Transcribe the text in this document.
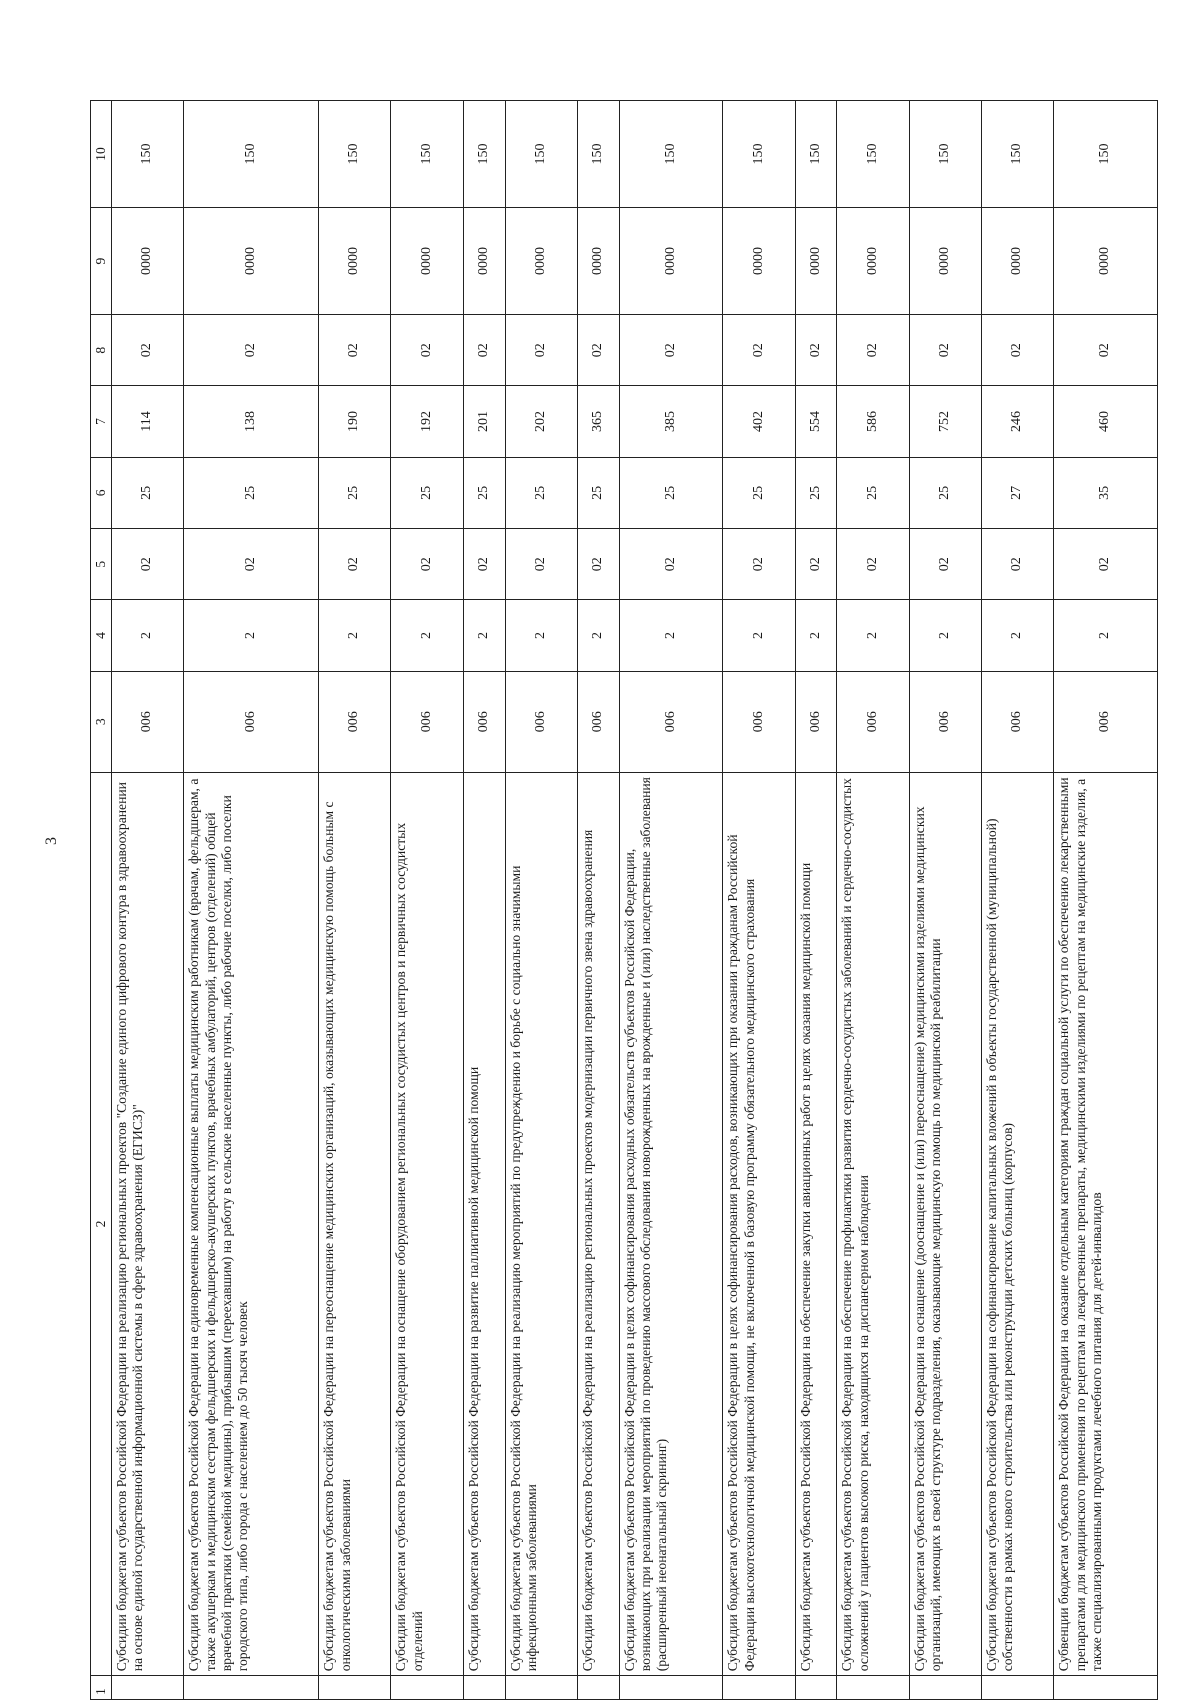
3
1	2	3	4	5	6	7	8	9	10
	Субсидии бюджетам субъектов Российской Федерации на реализацию региональных проектов "Создание единого цифрового контура в здравоохранении на основе единой государственной информационной системы в сфере здравоохранения (ЕГИСЗ)"	006	2	02	25	114	02	0000	150
	Субсидии бюджетам субъектов Российской Федерации на единовременные компенсационные выплаты медицинским работникам (врачам, фельдшерам, а также акушеркам и медицинским сестрам фельдшерских и фельдшерско-акушерских пунктов, врачебных амбулаторий, центров (отделений) общей врачебной практики (семейной медицины), прибывшим (переехавшим) на работу в сельские населенные пункты, либо рабочие поселки, либо поселки городского типа, либо города с населением до 50 тысяч человек	006	2	02	25	138	02	0000	150
	Субсидии бюджетам субъектов Российской Федерации на переоснащение медицинских организаций, оказывающих медицинскую помощь больным с онкологическими заболеваниями	006	2	02	25	190	02	0000	150
	Субсидии бюджетам субъектов Российской Федерации на оснащение оборудованием региональных сосудистых центров и первичных сосудистых отделений	006	2	02	25	192	02	0000	150
	Субсидии бюджетам субъектов Российской Федерации на развитие паллиативной медицинской помощи	006	2	02	25	201	02	0000	150
	Субсидии бюджетам субъектов Российской Федерации на реализацию мероприятий по предупреждению и борьбе с социально значимыми инфекционными заболеваниями	006	2	02	25	202	02	0000	150
	Субсидии бюджетам субъектов Российской Федерации на реализацию региональных проектов модернизации первичного звена здравоохранения	006	2	02	25	365	02	0000	150
	Субсидии бюджетам субъектов Российской Федерации в целях софинансирования расходных обязательств субъектов Российской Федерации, возникающих при реализации мероприятий по проведению массового обследования новорожденных на врожденные и (или) наследственные заболевания (расширенный неонатальный скрининг)	006	2	02	25	385	02	0000	150
	Субсидии бюджетам субъектов Российской Федерации в целях софинансирования расходов, возникающих при оказании гражданам Российской Федерации высокотехнологичной медицинской помощи, не включенной в базовую программу обязательного медицинского страхования	006	2	02	25	402	02	0000	150
	Субсидии бюджетам субъектов Российской Федерации на обеспечение закупки авиационных работ в целях оказания медицинской помощи	006	2	02	25	554	02	0000	150
	Субсидии бюджетам субъектов Российской Федерации на обеспечение профилактики развития сердечно-сосудистых заболеваний и сердечно-сосудистых осложнений у пациентов высокого риска, находящихся на диспансерном наблюдении	006	2	02	25	586	02	0000	150
	Субсидии бюджетам субъектов Российской Федерации на оснащение (дооснащение и (или) переоснащение) медицинскими изделиями медицинских организаций, имеющих в своей структуре подразделения, оказывающие медицинскую помощь по медицинской реабилитации	006	2	02	25	752	02	0000	150
	Субсидии бюджетам субъектов Российской Федерации на софинансирование капитальных вложений в объекты государственной (муниципальной) собственности в рамках нового строительства или реконструкции детских больниц (корпусов)	006	2	02	27	246	02	0000	150
	Субвенции бюджетам субъектов Российской Федерации на оказание отдельным категориям граждан социальной услуги по обеспечению лекарственными препаратами для медицинского применения по рецептам на лекарственные препараты, медицинскими изделиями по рецептам на медицинские изделия, а также специализированными продуктами лечебного питания для детей-инвалидов	006	2	02	35	460	02	0000	150
